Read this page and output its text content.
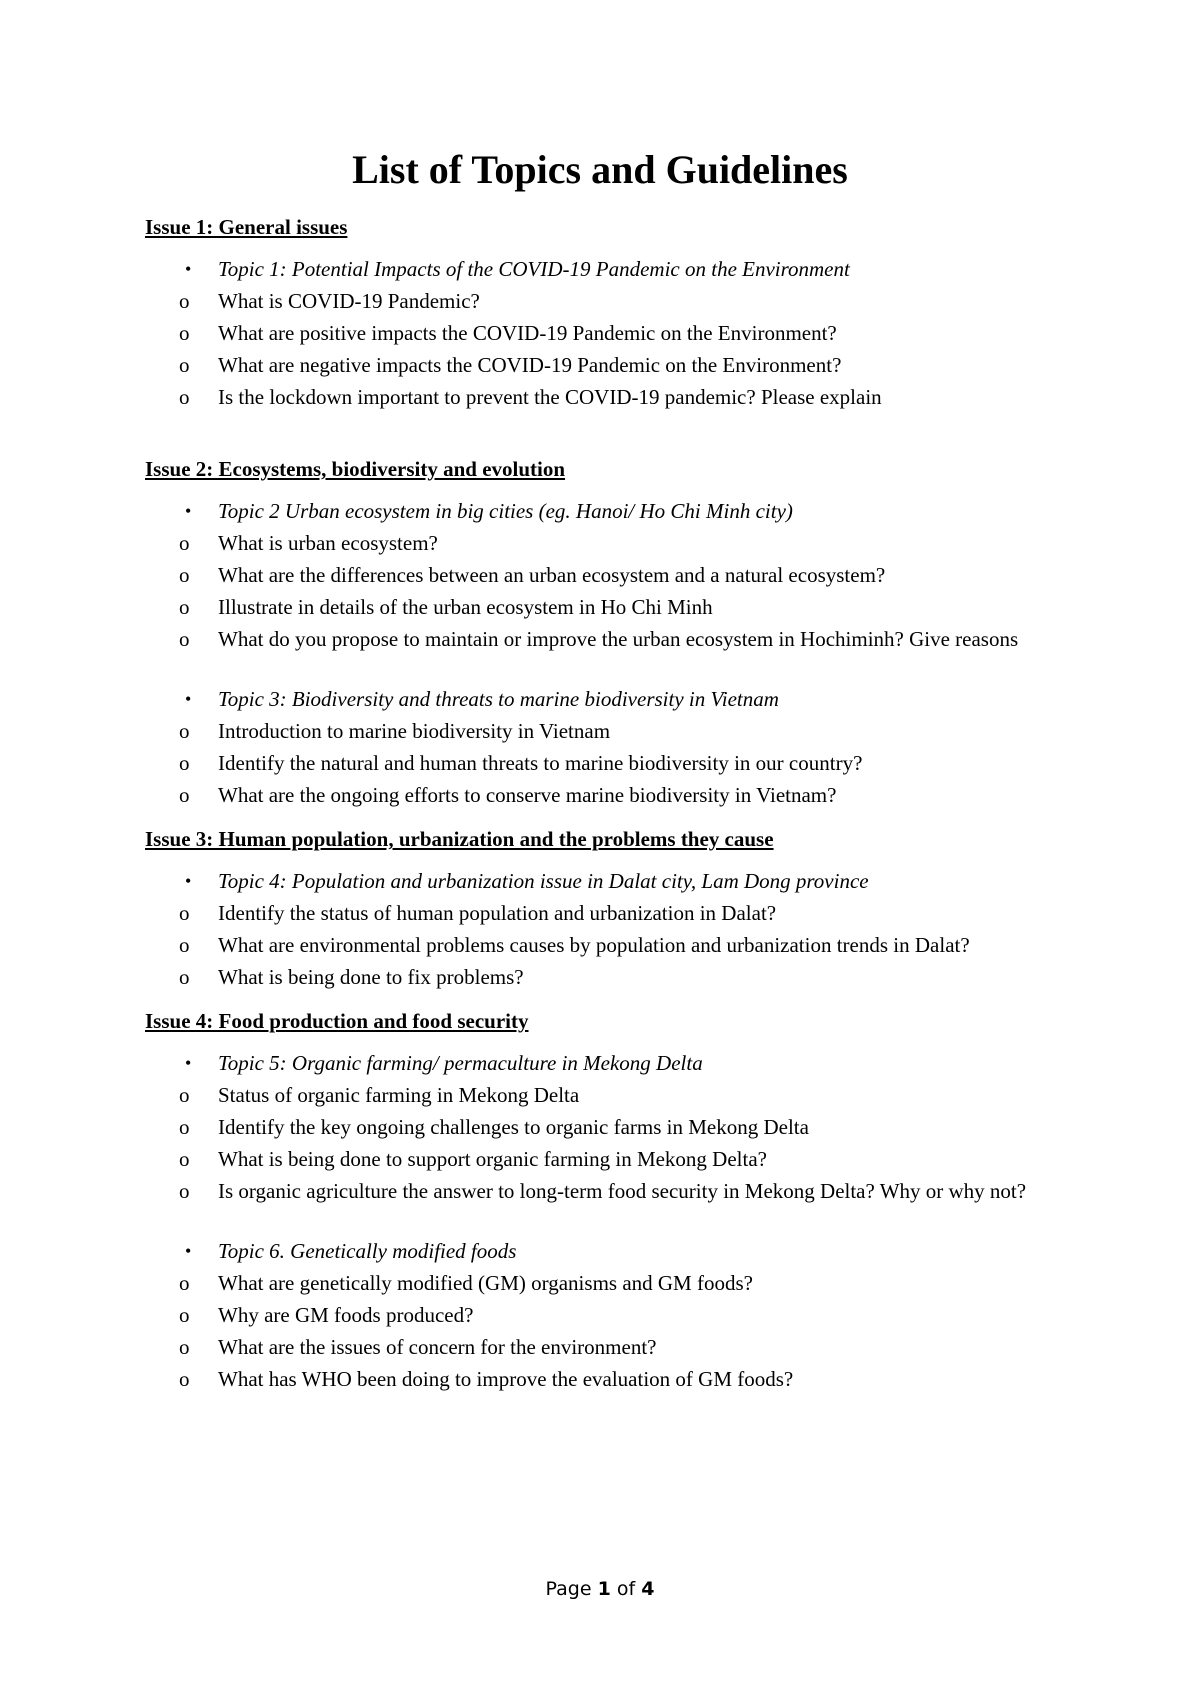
List of Topics and Guidelines
Issue 1: General issues
• Topic 1: Potential Impacts of the COVID-19 Pandemic on the Environment
o What is COVID-19 Pandemic?
o What are positive impacts the COVID-19 Pandemic on the Environment?
o What are negative impacts the COVID-19 Pandemic on the Environment?
o Is the lockdown important to prevent the COVID-19 pandemic? Please explain
Issue 2: Ecosystems, biodiversity and evolution
• Topic 2 Urban ecosystem in big cities (eg. Hanoi/ Ho Chi Minh city)
o What is urban ecosystem?
o What are the differences between an urban ecosystem and a natural ecosystem?
o Illustrate in details of the urban ecosystem in Ho Chi Minh
o What do you propose to maintain or improve the urban ecosystem in Hochiminh? Give reasons
• Topic 3: Biodiversity and threats to marine biodiversity in Vietnam
o Introduction to marine biodiversity in Vietnam
o Identify the natural and human threats to marine biodiversity in our country?
o What are the ongoing efforts to conserve marine biodiversity in Vietnam?
Issue 3: Human population, urbanization and the problems they cause
• Topic 4: Population and urbanization issue in Dalat city, Lam Dong province
o Identify the status of human population and urbanization in Dalat?
o What are environmental problems causes by population and urbanization trends in Dalat?
o What is being done to fix problems?
Issue 4: Food production and food security
• Topic 5: Organic farming/ permaculture in Mekong Delta
o Status of organic farming in Mekong Delta
o Identify the key ongoing challenges to organic farms in Mekong Delta
o What is being done to support organic farming in Mekong Delta?
o Is organic agriculture the answer to long-term food security in Mekong Delta? Why or why not?
• Topic 6. Genetically modified foods
o What are genetically modified (GM) organisms and GM foods?
o Why are GM foods produced?
o What are the issues of concern for the environment?
o What has WHO been doing to improve the evaluation of GM foods?
Page 1 of 4
